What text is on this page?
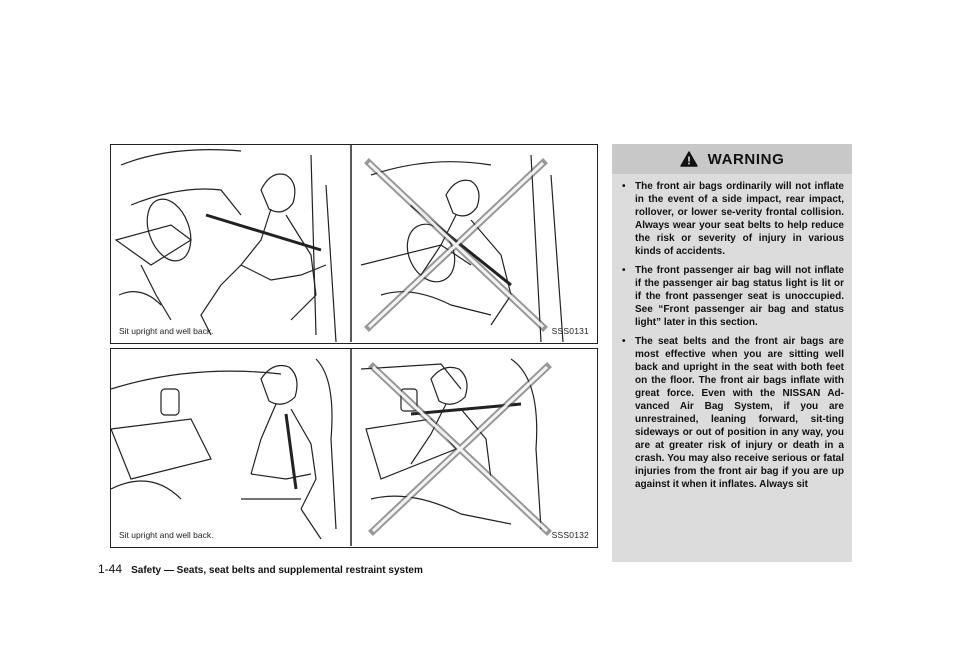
Sit upright and well back.	SSS0131
Sit upright and well back.	SSS0132
1-44 Safety — Seats, seat belts and supplemental restraint system
WARNING
• The front air bags ordinarily will not inflate in the event of a side impact, rear impact, rollover, or lower se-verity frontal collision. Always wear your seat belts to help reduce the risk or severity of injury in various kinds of accidents.
• The front passenger air bag will not inflate if the passenger air bag status light is lit or if the front passenger seat is unoccupied. See “Front passenger air bag and status light” later in this section.
• The seat belts and the front air bags are most effective when you are sitting well back and upright in the seat with both feet on the floor. The front air bags inflate with great force. Even with the NISSAN Ad-vanced Air Bag System, if you are unrestrained, leaning forward, sit-ting sideways or out of position in any way, you are at greater risk of injury or death in a crash. You may also receive serious or fatal injuries from the front air bag if you are up against it when it inflates. Always sit
